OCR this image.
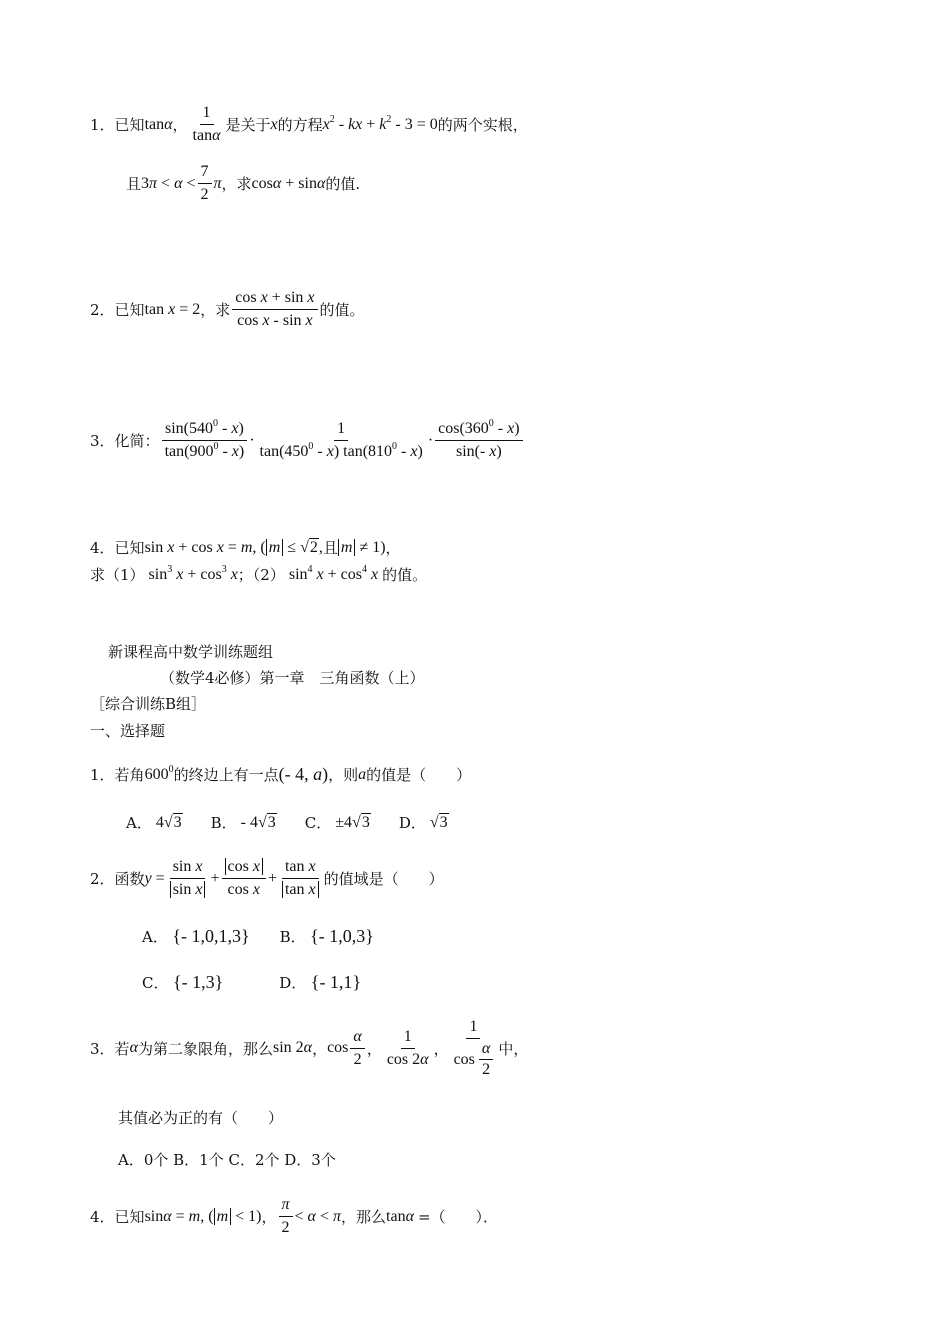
1． 已知 tanα ， $\frac{1}{\tan\alpha}$ 是关于 x 的方程 $x^2$ - kx + $k^2 - 3 = 0$ 的两个实根，
且 $3\pi < \alpha < \frac{7}{2}$ π ，求 cosα + sinα 的值.
2． 已知 tan x = 2 ，求 $\frac{\text{cos x + sin x}}{\text{cos x - sin x}}$ 的值。
3． 化简： $\frac{\sin(540^0 - x)}{\tan(900^0 - x)} \cdot \frac{1}{\tan(450^0 - x) \tan(810^0 - x)} \cdot \frac{\cos(360^0 - x)}{\sin(- x)}$
4． 已知 sin x + cos x = m, ( m ≤ √2, 且 m ≠ 1) ，
求（1） $\sin^3 x + \cos^3 x$ ；（2） $\sin^4 x + \cos^4 x$ 的值。
新课程高中数学训练题组
（数学4必修）第一章　三角函数（上）
［综合训练B组］
一、选择题
1． 若角 $600^0$ 的终边上有一点 (- 4, a) ，则 a 的值是（　　）
A． 4√3 B． - 4√3 C． ±4√3 D． √3
2． 函数 $y = \frac{\text{sin x}}{\text{sin x}} + \frac{\text{cos x}}{\text{cos x}} + \frac{\text{tan x}}{\text{tan x}}$ 的值域是（　　）
A． { - 1,0,1,3 } B． { - 1,0,3 }
C． { - 1,3 }	D． { - 1,1 }
3． 若 α 为第二象限角，那么 sin 2α ， $\cos \frac{\alpha}{2}$ ， $\frac{1}{\cos 2\alpha}$ ， $\frac{1}{\cos \frac{\alpha}{2}}$ 中，
其值必为正的有（　　）
A．0个 B．1个 C．2个 D．3个
4． 已知 sinα = m, ( m < 1) ， $\frac{\pi}{2} < \alpha < \pi$ ，那么 tanα =（　　）．
